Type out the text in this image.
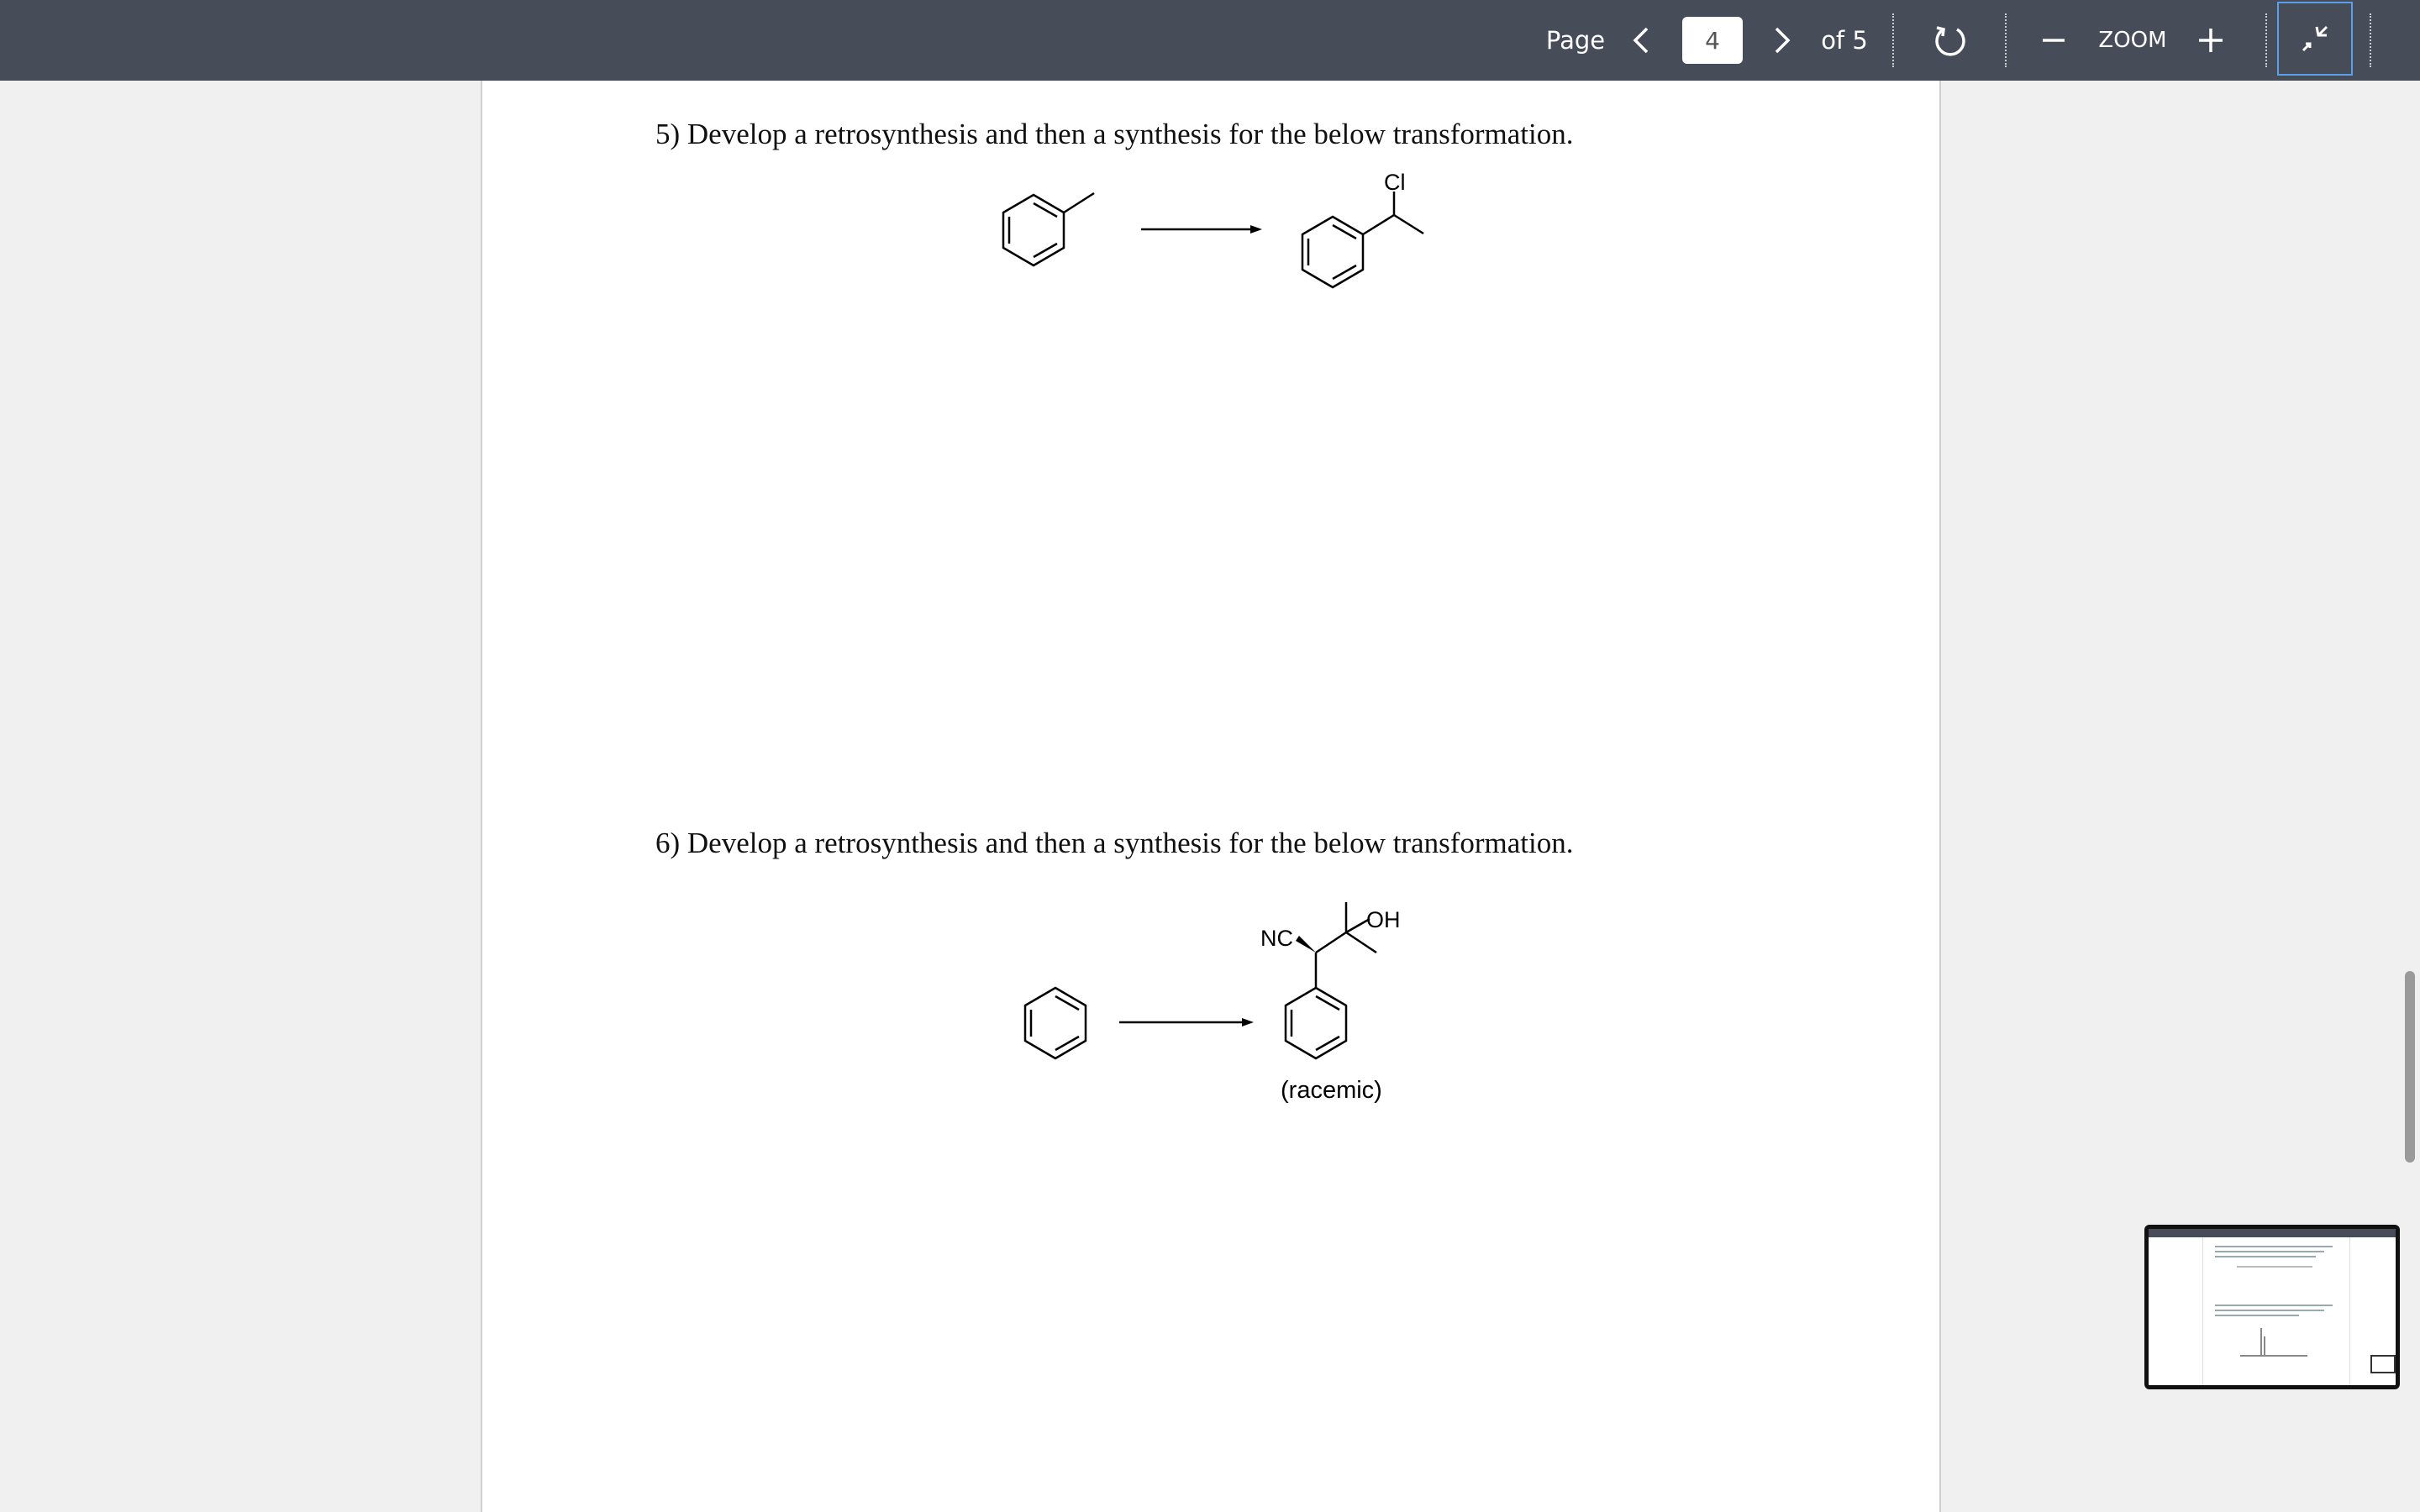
Page
4	of 5	ZOOM
5) Develop a retrosynthesis and then a synthesis for the below transformation.
6) Develop a retrosynthesis and then a synthesis for the below transformation.
Cl
NC
OH
(racemic)
